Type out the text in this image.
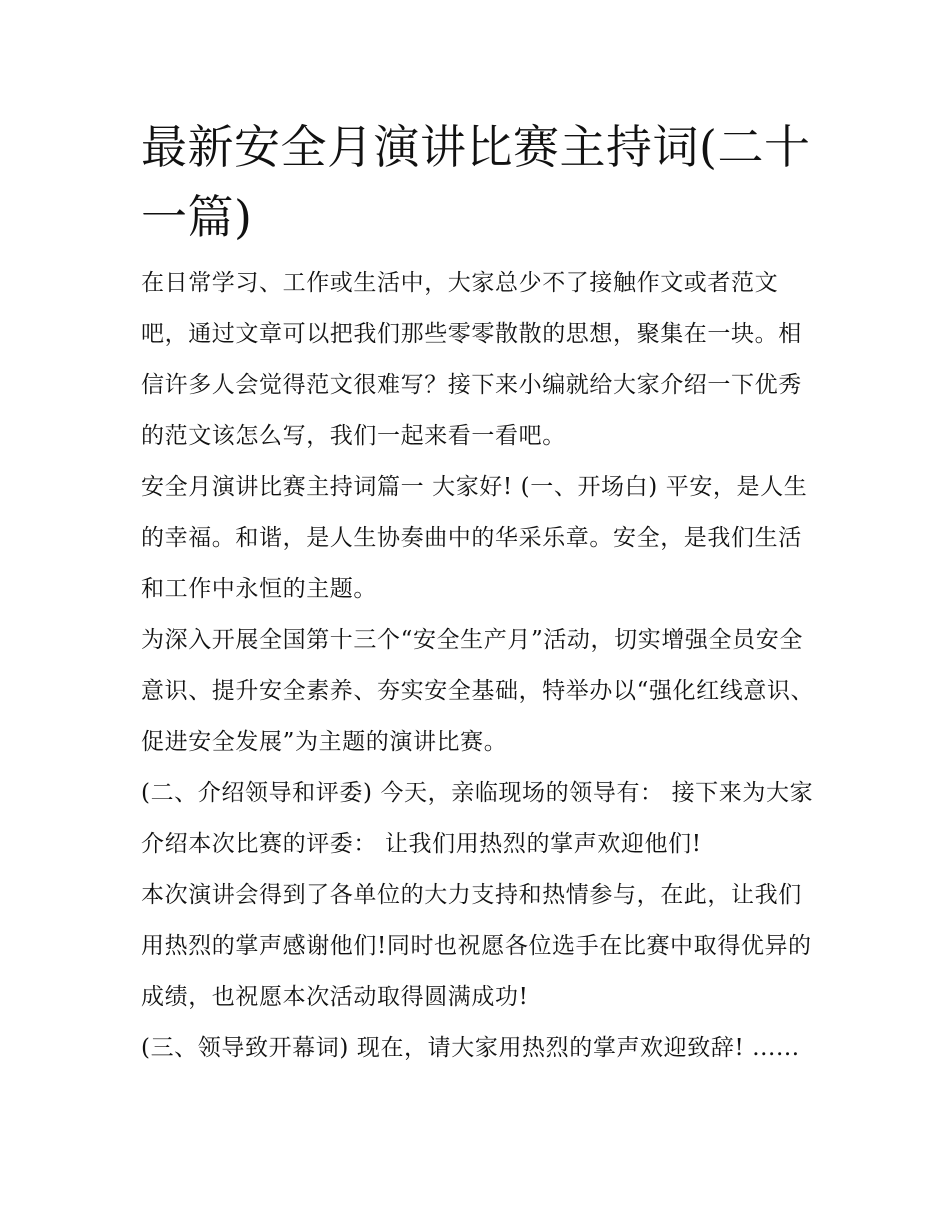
最新安全月演讲比赛主持词(二十一篇)

在日常学习、工作或生活中，大家总少不了接触作文或者范文吧，通过文章可以把我们那些零零散散的思想，聚集在一块。相信许多人会觉得范文很难写？接下来小编就给大家介绍一下优秀的范文该怎么写，我们一起来看一看吧。

安全月演讲比赛主持词篇一 大家好! (一、开场白) 平安，是人生的幸福。和谐，是人生协奏曲中的华采乐章。安全，是我们生活和工作中永恒的主题。

为深入开展全国第十三个“安全生产月”活动，切实增强全员安全意识、提升安全素养、夯实安全基础，特举办以“强化红线意识、促进安全发展”为主题的演讲比赛。

(二、介绍领导和评委) 今天，亲临现场的领导有： 接下来为大家介绍本次比赛的评委： 让我们用热烈的掌声欢迎他们!

本次演讲会得到了各单位的大力支持和热情参与，在此，让我们用热烈的掌声感谢他们!同时也祝愿各位选手在比赛中取得优异的成绩，也祝愿本次活动取得圆满成功!

(三、领导致开幕词) 现在，请大家用热烈的掌声欢迎致辞! ......
